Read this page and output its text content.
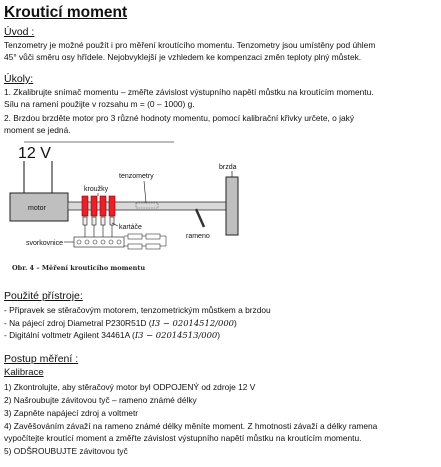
Krouticí moment
Úvod :
Tenzometry je možné použít i pro měření kroutícího momentu. Tenzometry jsou umístěny pod úhlem
45° vůči směru osy hřídele. Nejobvyklejší je vzhledem ke kompenzaci změn teploty plný můstek.
Úkoly:
1. Zkalibrujte snímač momentu – změřte závislost výstupního napětí můstku na kroutícím momentu.
Sílu na ramení použijte v rozsahu m = (0 – 1000) g.
2. Brzdou brzděte motor pro 3 různé hodnoty momentu, pomocí kalibrační křivky určete, o jaký
moment se jedná.
12 V
motor
brzda
rameno
tenzometry
kroužky
kartáče
svorkovnice
Obr. 4 – Měření krouticího momentu
Použité přístroje:
- Připravek se stěračovým motorem, tenzometrickým můstkem a brzdou
- Na pájecí zdroj Diametral P230R51D (I3 − 02014512/000)
- Digitální voltmetr Agilent 34461A (I3 − 02014513/000)
Postup měření :
Kalibrace
1) Zkontrolujte, aby stěračový motor byl ODPOJENÝ od zdroje 12 V
2) Našroubujte závitovou tyč – rameno známé délky
3) Zapněte napájecí zdroj a voltmetr
4) Zavěšováním závaží na rameno známé délky měníte moment. Z hmotnosti závaží a délky ramena
vypočítejte kroutící moment a změřte závislost výstupního napětí můstku na kroutícím momentu.
5) ODŠROUBUJTE závitovou tyč
